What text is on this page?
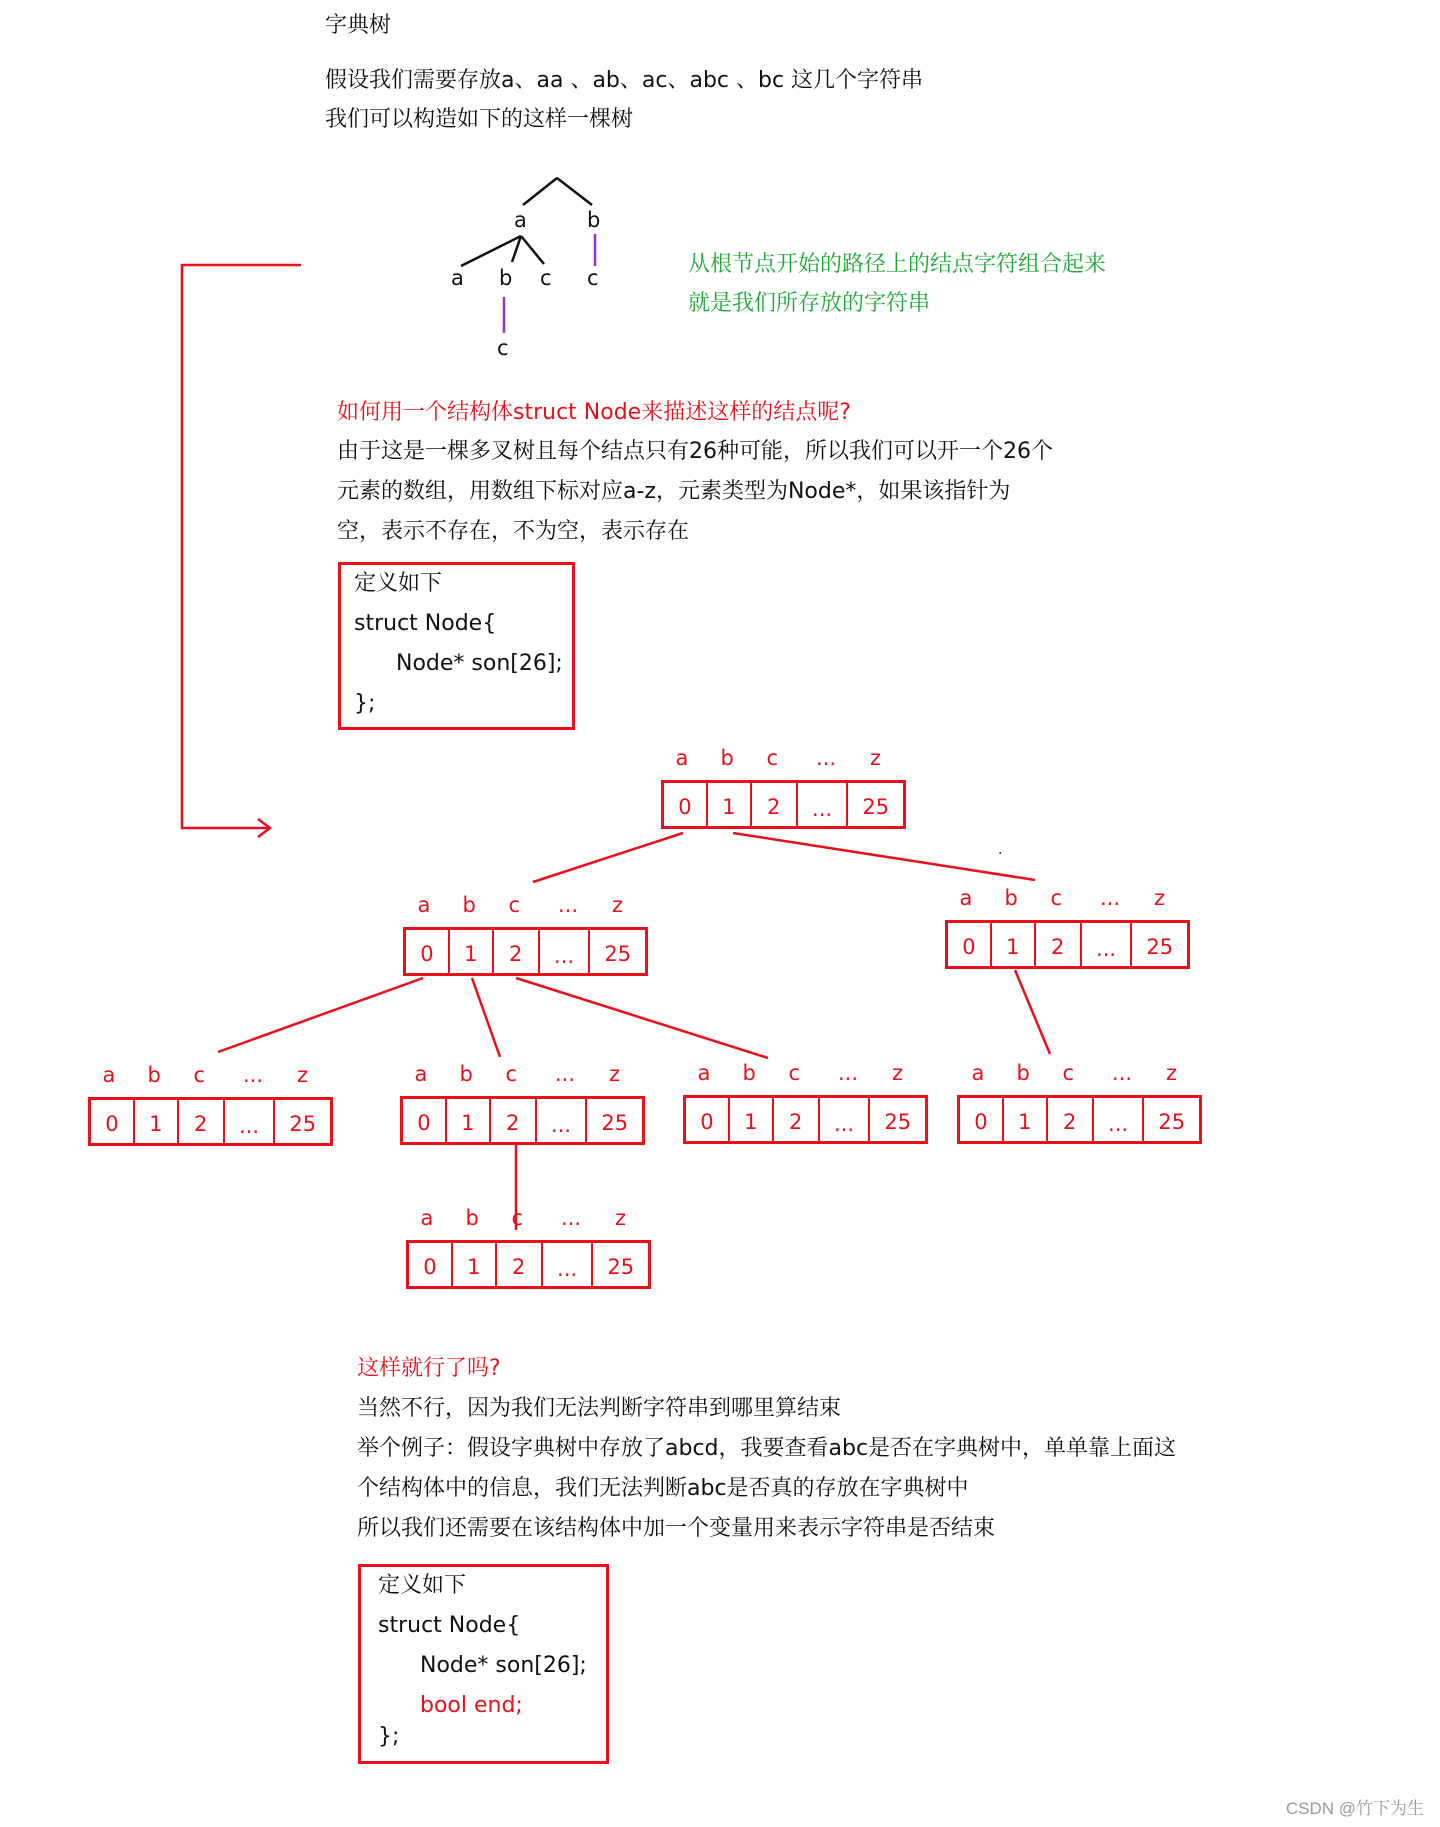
字典树
假设我们需要存放a、aa 、ab、ac、abc 、bc 这几个字符串
我们可以构造如下的这样一棵树
a	b
a b c c
c
从根节点开始的路径上的结点字符组合起来
就是我们所存放的字符串
如何用一个结构体struct Node来描述这样的结点呢?
由于这是一棵多叉树且每个结点只有26种可能，所以我们可以开一个26个
元素的数组，用数组下标对应a-z，元素类型为Node*，如果该指针为
空，表示不存在，不为空，表示存在
定义如下
struct Node{
Node* son[26];
};
·
a b c ... z
0	1	2	...	25
a b c ... z
0	1	2	...	25
a b c ... z
0	1	2	...	25
a b c ... z
0	1	2	...	25
a b c ... z
0	1	2	...	25
a b c ... z
0	1	2	...	25
a b c ... z
0	1	2	...	25
a b c ... z
0	1	2	...	25
这样就行了吗?
当然不行，因为我们无法判断字符串到哪里算结束
举个例子：假设字典树中存放了abcd，我要查看abc是否在字典树中，单单靠上面这
个结构体中的信息，我们无法判断abc是否真的存放在字典树中
所以我们还需要在该结构体中加一个变量用来表示字符串是否结束
定义如下
struct Node{
Node* son[26];
bool end;
};
CSDN @竹下为生
